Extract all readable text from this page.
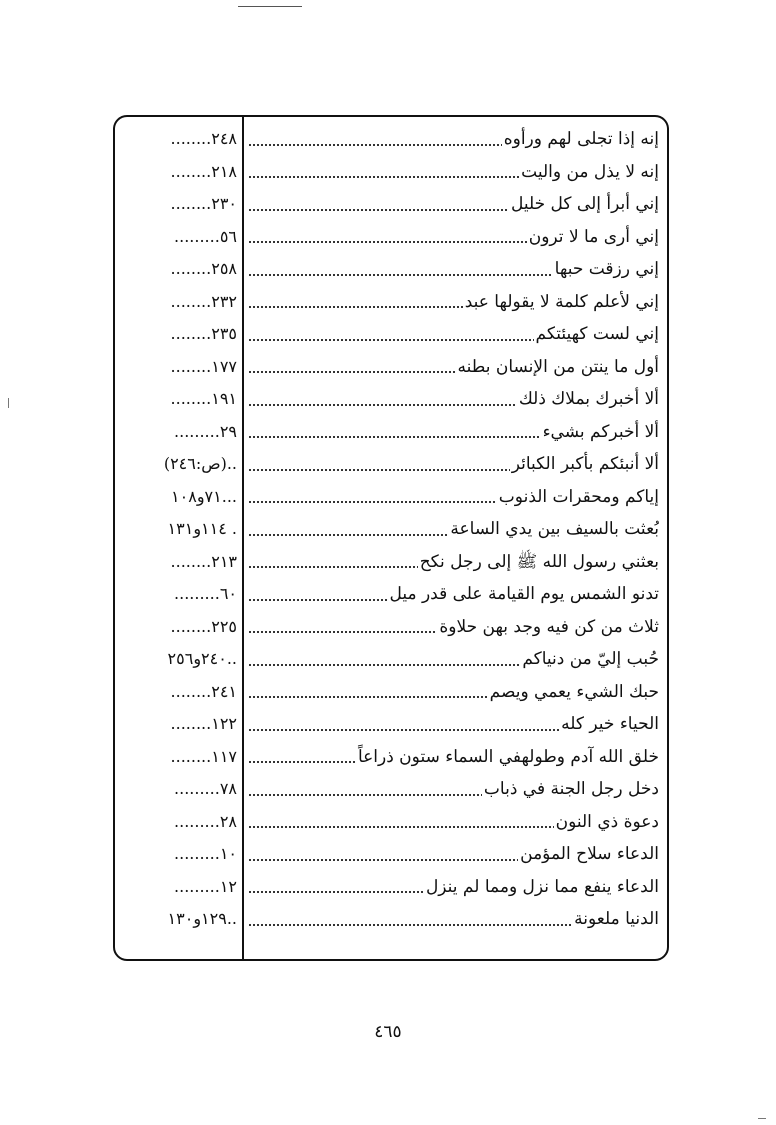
إنه إذا تجلى لهم ورأوه
٢٤٨........
إنه لا يذل من واليت
٢١٨........
إني أبرأ إلى كل خليل
٢٣٠........
إني أرى ما لا ترون
٥٦.........
إني رزقت حبها
٢٥٨........
إني لأعلم كلمة لا يقولها عبد
٢٣٢........
إني لست كهيئتكم
٢٣٥........
أول ما ينتن من الإنسان بطنه
١٧٧........
ألا أخبرك بملاك ذلك
١٩١........
ألا أخبركم بشيء
٢٩.........
ألا أنبئكم بأكبر الكبائر
..(ص:٢٤٦)
إياكم ومحقرات الذنوب
...٧١و١٠٨
بُعثت بالسيف بين يدي الساعة
. ١١٤و١٣١
بعثني رسول الله ﷺ إلى رجل نكح
٢١٣........
تدنو الشمس يوم القيامة على قدر ميل
٦٠.........
ثلاث من كن فيه وجد بهن حلاوة
٢٢٥........
حُبب إليّ من دنياكم
..٢٤٠و٢٥٦
حبك الشيء يعمي ويصم
٢٤١........
الحياء خير كله
١٢٢........
خلق الله آدم وطولهفي السماء ستون ذراعاً
١١٧........
دخل رجل الجنة في ذباب
٧٨.........
دعوة ذي النون
٢٨.........
الدعاء سلاح المؤمن
١٠.........
الدعاء ينفع مما نزل ومما لم ينزل
١٢.........
الدنيا ملعونة
..١٢٩و١٣٠
٤٦٥
